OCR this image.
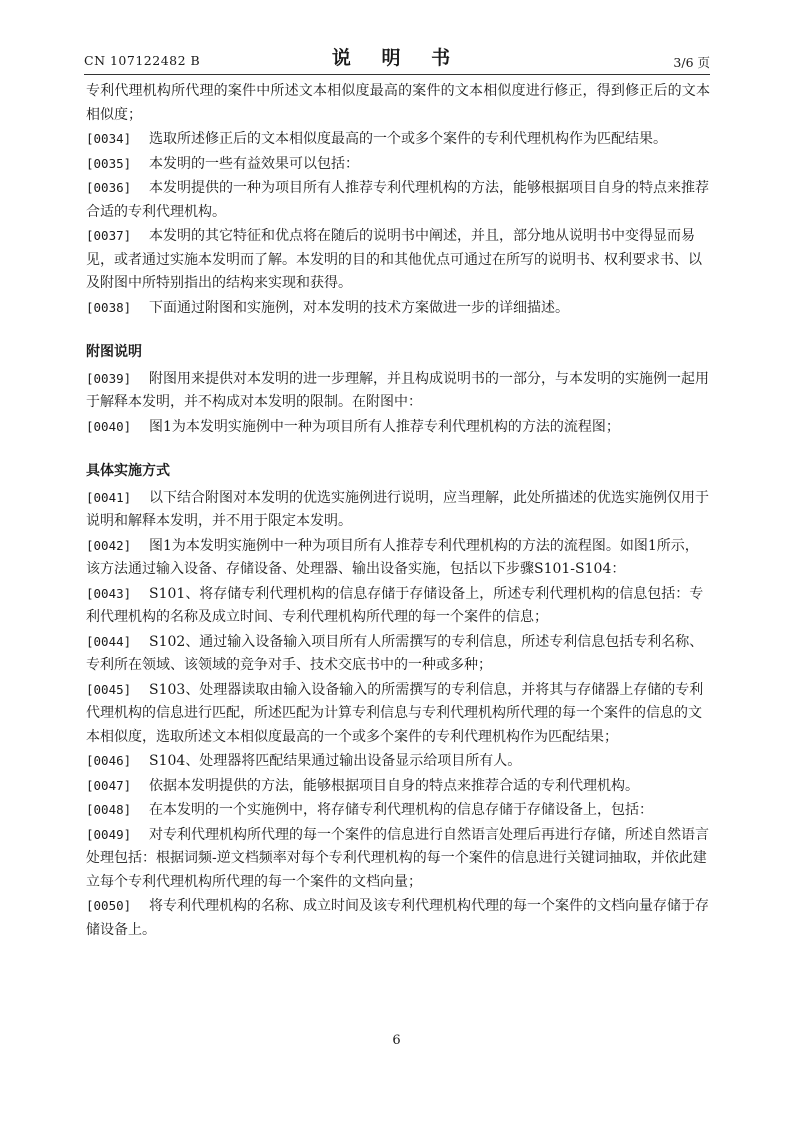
CN 107122482 B	说 明 书	3/6 页
专利代理机构所代理的案件中所述文本相似度最高的案件的文本相似度进行修正，得到修正后的文本相似度；
[0034] 选取所述修正后的文本相似度最高的一个或多个案件的专利代理机构作为匹配结果。
[0035] 本发明的一些有益效果可以包括：
[0036] 本发明提供的一种为项目所有人推荐专利代理机构的方法，能够根据项目自身的特点来推荐合适的专利代理机构。
[0037] 本发明的其它特征和优点将在随后的说明书中阐述，并且，部分地从说明书中变得显而易见，或者通过实施本发明而了解。本发明的目的和其他优点可通过在所写的说明书、权利要求书、以及附图中所特别指出的结构来实现和获得。
[0038] 下面通过附图和实施例，对本发明的技术方案做进一步的详细描述。
附图说明
[0039] 附图用来提供对本发明的进一步理解，并且构成说明书的一部分，与本发明的实施例一起用于解释本发明，并不构成对本发明的限制。在附图中：
[0040] 图1为本发明实施例中一种为项目所有人推荐专利代理机构的方法的流程图；
具体实施方式
[0041] 以下结合附图对本发明的优选实施例进行说明，应当理解，此处所描述的优选实施例仅用于说明和解释本发明，并不用于限定本发明。
[0042] 图1为本发明实施例中一种为项目所有人推荐专利代理机构的方法的流程图。如图1所示，该方法通过输入设备、存储设备、处理器、输出设备实施，包括以下步骤S101-S104：
[0043] S101、将存储专利代理机构的信息存储于存储设备上，所述专利代理机构的信息包括：专利代理机构的名称及成立时间、专利代理机构所代理的每一个案件的信息；
[0044] S102、通过输入设备输入项目所有人所需撰写的专利信息，所述专利信息包括专利名称、专利所在领域、该领域的竞争对手、技术交底书中的一种或多种；
[0045] S103、处理器读取由输入设备输入的所需撰写的专利信息，并将其与存储器上存储的专利代理机构的信息进行匹配，所述匹配为计算专利信息与专利代理机构所代理的每一个案件的信息的文本相似度，选取所述文本相似度最高的一个或多个案件的专利代理机构作为匹配结果；
[0046] S104、处理器将匹配结果通过输出设备显示给项目所有人。
[0047] 依据本发明提供的方法，能够根据项目自身的特点来推荐合适的专利代理机构。
[0048] 在本发明的一个实施例中，将存储专利代理机构的信息存储于存储设备上，包括：
[0049] 对专利代理机构所代理的每一个案件的信息进行自然语言处理后再进行存储，所述自然语言处理包括：根据词频-逆文档频率对每个专利代理机构的每一个案件的信息进行关键词抽取，并依此建立每个专利代理机构所代理的每一个案件的文档向量；
[0050] 将专利代理机构的名称、成立时间及该专利代理机构代理的每一个案件的文档向量存储于存储设备上。
6
